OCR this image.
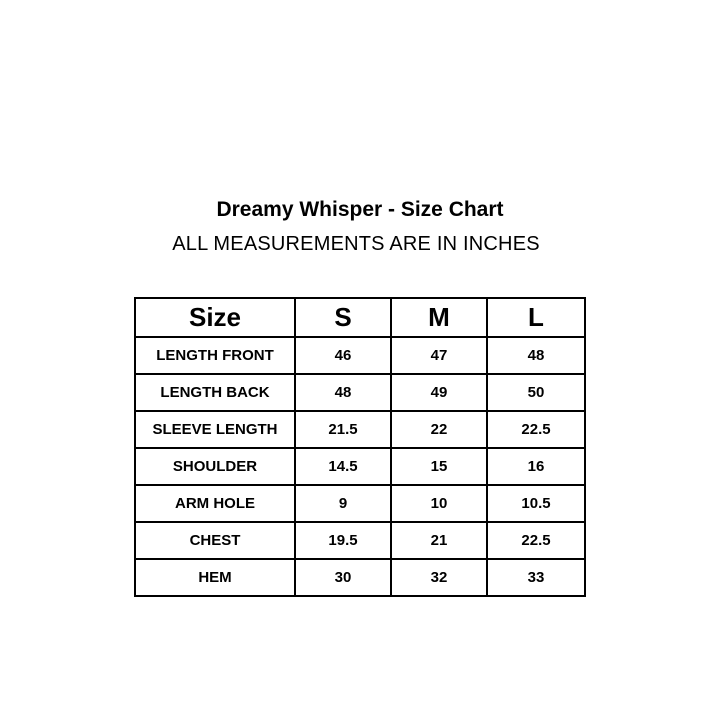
Dreamy Whisper - Size Chart
ALL MEASUREMENTS ARE IN INCHES
Size	S	M	L
LENGTH FRONT	46	47	48
LENGTH BACK	48	49	50
SLEEVE LENGTH	21.5	22	22.5
SHOULDER	14.5	15	16
ARM HOLE	9	10	10.5
CHEST	19.5	21	22.5
HEM	30	32	33
